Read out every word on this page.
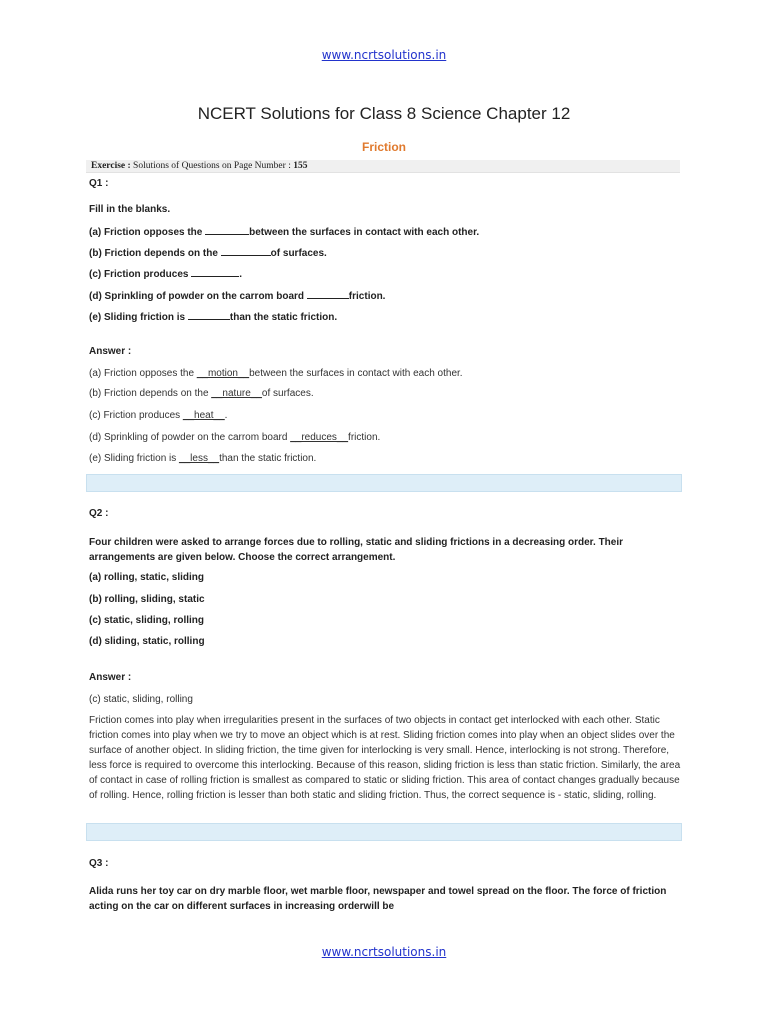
www.ncrtsolutions.in
NCERT Solutions for Class 8 Science Chapter 12
Friction
Exercise : Solutions of Questions on Page Number : 155
Q1 :
Fill in the blanks.
(a) Friction opposes the	between the surfaces in contact with each other.
(b) Friction depends on the	of surfaces.
(c) Friction produces	.
(d) Sprinkling of powder on the carrom board	friction.
(e) Sliding friction is	than the static friction.
Answer :
(a) Friction opposes the __motion__between the surfaces in contact with each other.
(b) Friction depends on the __nature__of surfaces.
(c) Friction produces __heat__.
(d) Sprinkling of powder on the carrom board __reduces__friction.
(e) Sliding friction is __less__than the static friction.
Q2 :
Four children were asked to arrange forces due to rolling, static and sliding frictions in a decreasing order. Their arrangements are given below. Choose the correct arrangement.
(a) rolling, static, sliding
(b) rolling, sliding, static
(c) static, sliding, rolling
(d) sliding, static, rolling
Answer :
(c) static, sliding, rolling
Friction comes into play when irregularities present in the surfaces of two objects in contact get interlocked with each other. Static friction comes into play when we try to move an object which is at rest. Sliding friction comes into play when an object slides over the surface of another object. In sliding friction, the time given for interlocking is very small. Hence, interlocking is not strong. Therefore, less force is required to overcome this interlocking. Because of this reason, sliding friction is less than static friction. Similarly, the area of contact in case of rolling friction is smallest as compared to static or sliding friction. This area of contact changes gradually because of rolling. Hence, rolling friction is lesser than both static and sliding friction. Thus, the correct sequence is - static, sliding, rolling.
Q3 :
Alida runs her toy car on dry marble floor, wet marble floor, newspaper and towel spread on the floor. The force of friction acting on the car on different surfaces in increasing orderwill be
www.ncrtsolutions.in
